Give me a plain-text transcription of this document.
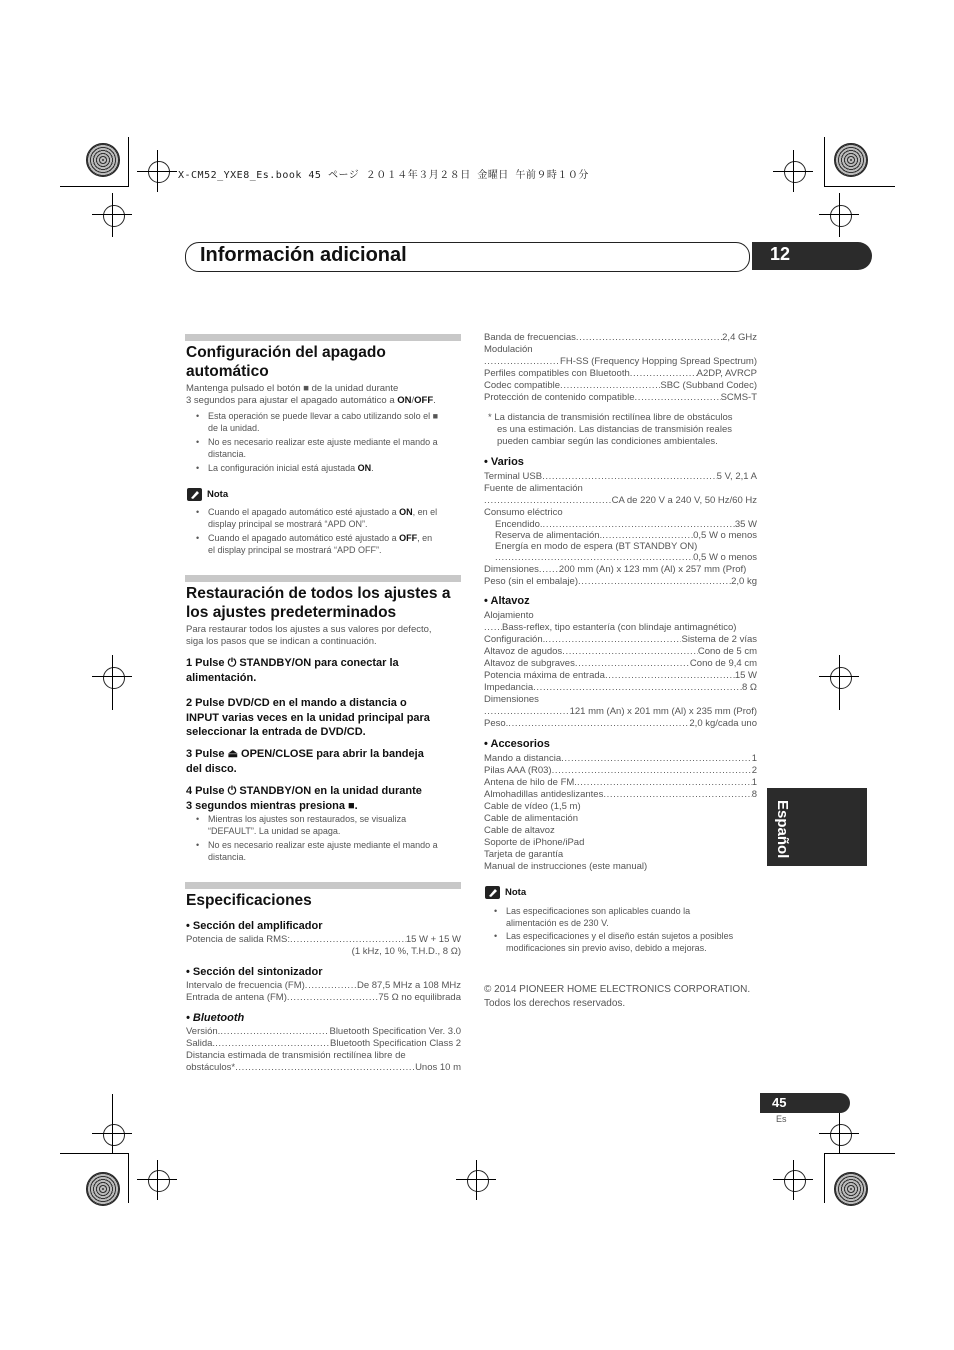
X-CM52_YXE8_Es.book 45 ページ ２０１４年３月２８日 金曜日 午前９時１０分
Información adicional	12
Configuración del apagado
automático
Mantenga pulsado el botón ■ de la unidad durante
3 segundos para ajustar el apagado automático a ON/OFF.
• Esta operación se puede llevar a cabo utilizando solo el ■
de la unidad.
• No es necesario realizar este ajuste mediante el mando a
distancia.
• La configuración inicial está ajustada ON.
Nota
• Cuando el apagado automático esté ajustado a ON, en el
display principal se mostrará “APD ON”.
• Cuando el apagado automático esté ajustado a OFF, en
el display principal se mostrará “APD OFF”.
Restauración de todos los ajustes a
los ajustes predeterminados
Para restaurar todos los ajustes a sus valores por defecto,
siga los pasos que se indican a continuación.
1 Pulse ⏻ STANDBY/ON para conectar la
alimentación.
2 Pulse DVD/CD en el mando a distancia o
INPUT varias veces en la unidad principal para
seleccionar la entrada de DVD/CD.
3 Pulse ⏏ OPEN/CLOSE para abrir la bandeja
del disco.
4 Pulse ⏻ STANDBY/ON en la unidad durante
3 segundos mientras presiona ■.
• Mientras los ajustes son restaurados, se visualiza
“DEFAULT”. La unidad se apaga.
• No es necesario realizar este ajuste mediante el mando a
distancia.
Especificaciones
• Sección del amplificador
Potencia de salida RMS: . . .	15 W + 15 W
(1 kHz, 10 %, T.H.D., 8 Ω)
• Sección del sintonizador
Intervalo de frecuencia (FM) . . .	De 87,5 MHz a 108 MHz
Entrada de antena (FM) . . .	75 Ω no equilibrada
• Bluetooth
Versión. . . .	Bluetooth Specification Ver. 3.0
Salida. . . .	Bluetooth Specification Class 2
Distancia estimada de transmisión rectilínea libre de
obstáculos* . . .	Unos 10 m
Banda de frecuencias . . .	2,4 GHz
Modulación
. . .
FH-SS (Frequency Hopping Spread Spectrum)
Perfiles compatibles con Bluetooth . . .	A2DP, AVRCP
Codec compatible . . .	SBC (Subband Codec)
Protección de contenido compatible . . .	SCMS-T
* La distancia de transmisión rectilínea libre de obstáculos
es una estimación. Las distancias de transmisión reales
pueden cambiar según las condiciones ambientales.
• Varios
Terminal USB . . .	5 V, 2,1 A
Fuente de alimentación
. . .
CA de 220 V a 240 V, 50 Hz/60 Hz
Consumo eléctrico
Encendido. . . .	35 W
Reserva de alimentación. . . .	0,5 W o menos
Energía en modo de espera (BT STANDBY ON)
. . .
0,5 W o menos
Dimensiones . . . 200 mm (An) x 123 mm (Al) x 257 mm (Prof)
Peso (sin el embalaje) . . .	2,0 kg
• Altavoz
Alojamiento
. . .
Bass-reflex, tipo estantería (con blindaje antimagnético)
Configuración. . . .	Sistema de 2 vías
Altavoz de agudos . . .	Cono de 5 cm
Altavoz de subgraves . . .	Cono de 9,4 cm
Potencia máxima de entrada . . .	15 W
Impedancia . . .	8 Ω
Dimensiones
. . .
121 mm (An) x 201 mm (Al) x 235 mm (Prof)
Peso. . . .	2,0 kg/cada uno
• Accesorios
Mando a distancia . . .	1
Pilas AAA (R03) . . .	2
Antena de hilo de FM. . . .	1
Almohadillas antideslizantes . . .	8
Cable de vídeo (1,5 m)
Cable de alimentación
Cable de altavoz
Soporte de iPhone/iPad
Tarjeta de garantía
Manual de instrucciones (este manual)
Nota
• Las especificaciones son aplicables cuando la
alimentación es de 230 V.
• Las especificaciones y el diseño están sujetos a posibles
modificaciones sin previo aviso, debido a mejoras.
© 2014 PIONEER HOME ELECTRONICS CORPORATION.
Todos los derechos reservados.
Español
45
Es
